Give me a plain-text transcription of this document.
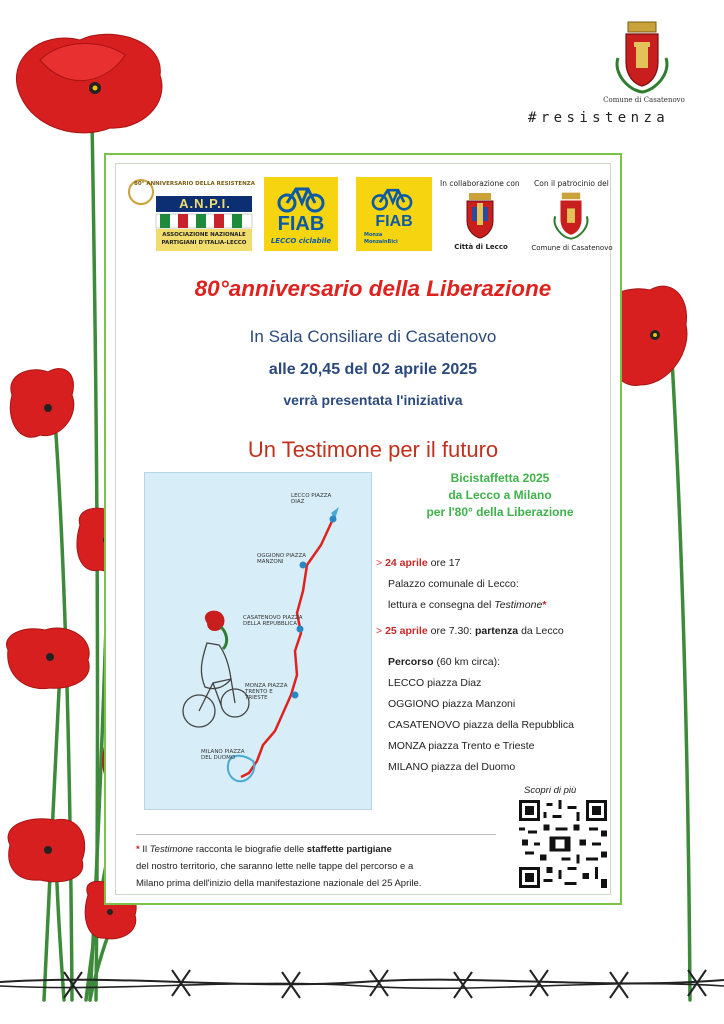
Comune di Casatenovo
#resistenza
80° ANNIVERSARIO DELLA RESISTENZA
A.N.P.I.
ASSOCIAZIONE NAZIONALE
PARTIGIANI D'ITALIA-LECCO
FIAB
LECCO ciclabile
FIAB
Monza
MonzainBici
In collaborazione con
Città di Lecco
Con il patrocinio del
Comune di Casatenovo
80°anniversario della Liberazione
In Sala Consiliare di Casatenovo
alle 20,45 del 02 aprile 2025
verrà presentata l'iniziativa
Un Testimone per il futuro
LECCO PIAZZA DIAZ
OGGIONO PIAZZA MANZONI
CASATENOVO PIAZZA DELLA REPUBBLICA
MONZA PIAZZA TRENTO E TRIESTE
MILANO PIAZZA DEL DUOMO
Bicistaffetta 2025
da Lecco a Milano
per l'80° della Liberazione
> 24 aprile ore 17
Palazzo comunale di Lecco:
lettura e consegna del Testimone*
> 25 aprile ore 7.30: partenza da Lecco
Percorso (60 km circa):
LECCO piazza Diaz
OGGIONO piazza Manzoni
CASATENOVO piazza della Repubblica
MONZA piazza Trento e Trieste
MILANO piazza del Duomo
Scopri di più
* Il Testimone racconta le biografie delle staffette partigiane
del nostro territorio, che saranno lette nelle tappe del percorso e a
Milano prima dell'inizio della manifestazione nazionale del 25 Aprile.
